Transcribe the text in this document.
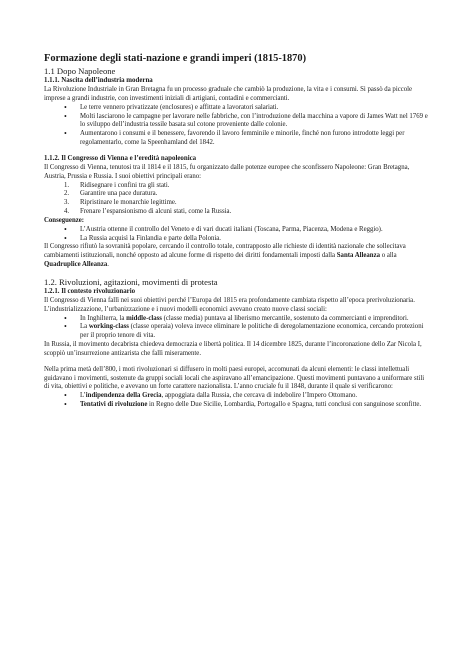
Formazione degli stati-nazione e grandi imperi (1815-1870)
1.1 Dopo Napoleone
1.1.1. Nascita dell’industria moderna

La Rivoluzione Industriale in Gran Bretagna fu un processo graduale che cambiò la produzione, la vita e i consumi. Si passò da piccole imprese a grandi industrie, con investimenti iniziali di artigiani, contadini e commercianti.

• Le terre vennero privatizzate (enclosures) e affittate a lavoratori salariati.
• Molti lasciarono le campagne per lavorare nelle fabbriche, con l’introduzione della macchina a vapore di James Watt nel 1769 e lo sviluppo dell’industria tessile basata sul cotone proveniente dalle colonie.
• Aumentarono i consumi e il benessere, favorendo il lavoro femminile e minorile, finché non furono introdotte leggi per regolamentarlo, come la Speenhamland del 1842.
1.1.2. Il Congresso di Vienna e l’eredità napoleonica

Il Congresso di Vienna, tenutosi tra il 1814 e il 1815, fu organizzato dalle potenze europee che sconfissero Napoleone: Gran Bretagna, Austria, Prussia e Russia. I suoi obiettivi principali erano:

1. Ridisegnare i confini tra gli stati.
2. Garantire una pace duratura.
3. Ripristinare le monarchie legittime.
4. Frenare l’espansionismo di alcuni stati, come la Russia.

Conseguenze:

• L’Austria ottenne il controllo del Veneto e di vari ducati italiani (Toscana, Parma, Piacenza, Modena e Reggio).
• La Russia acquisì la Finlandia e parte della Polonia.

Il Congresso rifiutò la sovranità popolare, cercando il controllo totale, contrapposto alle richieste di identità nazionale che sollecitava cambiamenti istituzionali, nonché opposto ad alcune forme di rispetto dei diritti fondamentali imposti dalla Santa Alleanza o alla Quadruplice Alleanza.

1.2. Rivoluzioni, agitazioni, movimenti di protesta
1.2.1. Il contesto rivoluzionario

Il Congresso di Vienna fallì nei suoi obiettivi perché l’Europa del 1815 era profondamente cambiata rispetto all’epoca prerivoluzionaria. L’industrializzazione, l’urbanizzazione e i nuovi modelli economici avevano creato nuove classi sociali:

• In Inghilterra, la middle-class (classe media) puntava al liberismo mercantile, sostenuto da commercianti e imprenditori.
• La working-class (classe operaia) voleva invece eliminare le politiche di deregolamentazione economica, cercando protezioni per il proprio tenore di vita.

In Russia, il movimento decabrista chiedeva democrazia e libertà politica. Il 14 dicembre 1825, durante l’incoronazione dello Zar Nicola I, scoppiò un’insurrezione antizarista che fallì miseramente.

Nella prima metà dell’800, i moti rivoluzionari si diffusero in molti paesi europei, accomunati da alcuni elementi: le classi intellettuali guidavano i movimenti, sostenute da gruppi sociali locali che aspiravano all’emancipazione. Questi movimenti puntavano a uniformare stili di vita, obiettivi e politiche, e avevano un forte carattere nazionalista. L’anno cruciale fu il 1848, durante il quale si verificarono:

• L’indipendenza della Grecia, appoggiata dalla Russia, che cercava di indebolire l’Impero Ottomano.
• Tentativi di rivoluzione in Regno delle Due Sicilie, Lombardia, Portogallo e Spagna, tutti conclusi con sanguinose sconfitte.
